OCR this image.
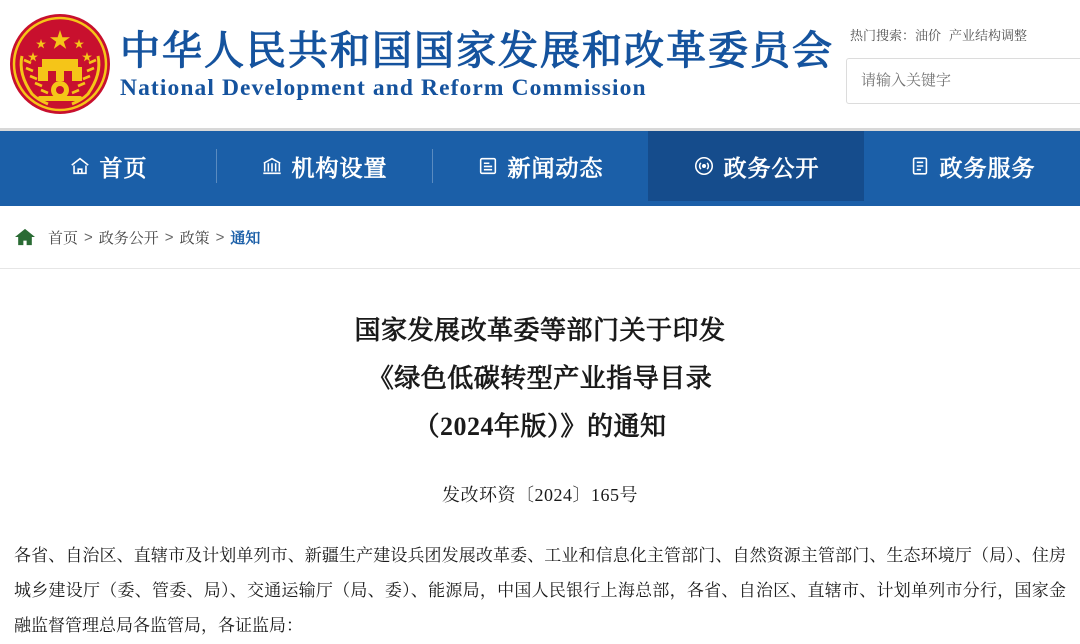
中华人民共和国国家发展和改革委员会
National Development and Reform Commission
热门搜索：油价 产业结构调整
请输入关键字
首页	机构设置	新闻动态	政务公开	政务服务
首页 > 政务公开 > 政策 > 通知
国家发展改革委等部门关于印发
《绿色低碳转型产业指导目录
（2024年版）》的通知
发改环资〔2024〕165号
各省、自治区、直辖市及计划单列市、新疆生产建设兵团发展改革委、工业和信息化主管部门、自然资源主管部门、生态环境厅（局）、住房城乡建设厅（委、管委、局）、交通运输厅（局、委）、能源局，中国人民银行上海总部，各省、自治区、直辖市、计划单列市分行，国家金融监督管理总局各监管局，各证监局：
